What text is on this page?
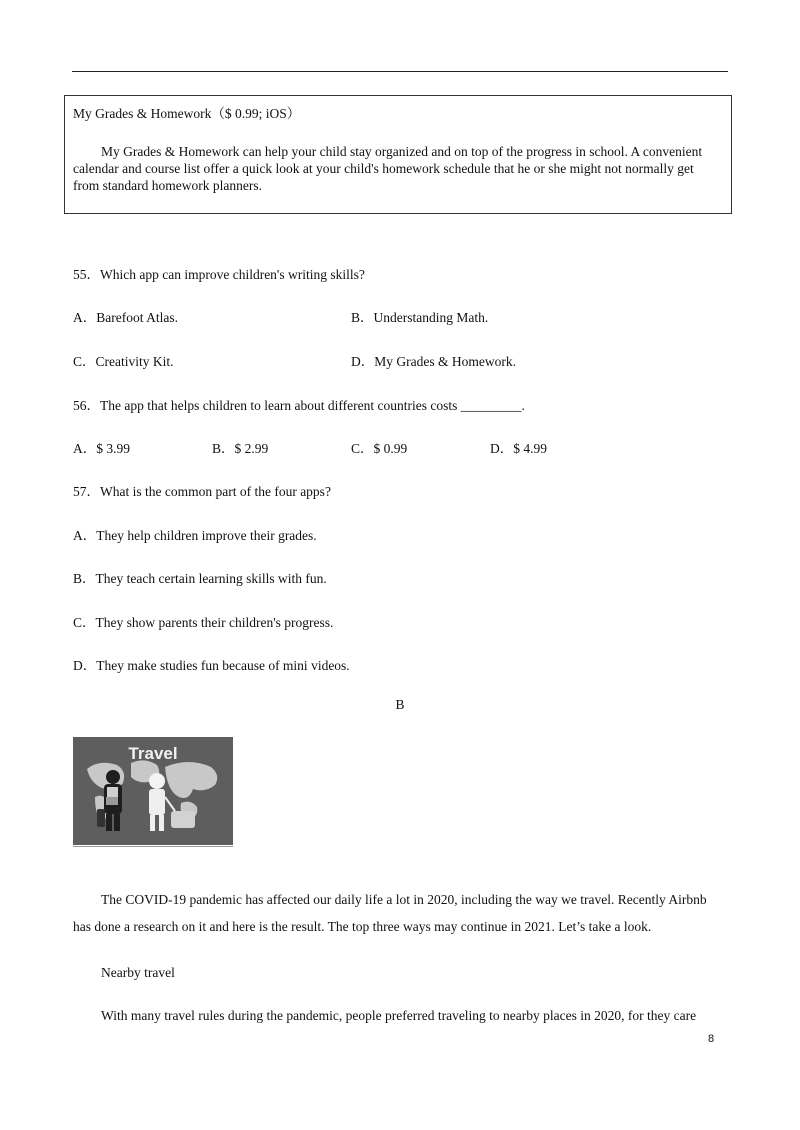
My Grades & Homework（$ 0.99; iOS）
My Grades & Homework can help your child stay organized and on top of the progress in school. A convenient calendar and course list offer a quick look at your child's homework schedule that he or she might not normally get from standard homework planners.
55．Which app can improve children's writing skills?
A．Barefoot Atlas.	B．Understanding Math.
C．Creativity Kit.	D．My Grades & Homework.
56．The app that helps children to learn about different countries costs _________.
A．$ 3.99	B．$ 2.99	C．$ 0.99	D．$ 4.99
57．What is the common part of the four apps?
A．They help children improve their grades.
B．They teach certain learning skills with fun.
C．They show parents their children's progress.
D．They make studies fun because of mini videos.
B
Travel
The COVID-19 pandemic has affected our daily life a lot in 2020, including the way we travel. Recently Airbnb has done a research on it and here is the result. The top three ways may continue in 2021. Let’s take a look.
Nearby travel
With many travel rules during the pandemic, people preferred traveling to nearby places in 2020, for they care
8
